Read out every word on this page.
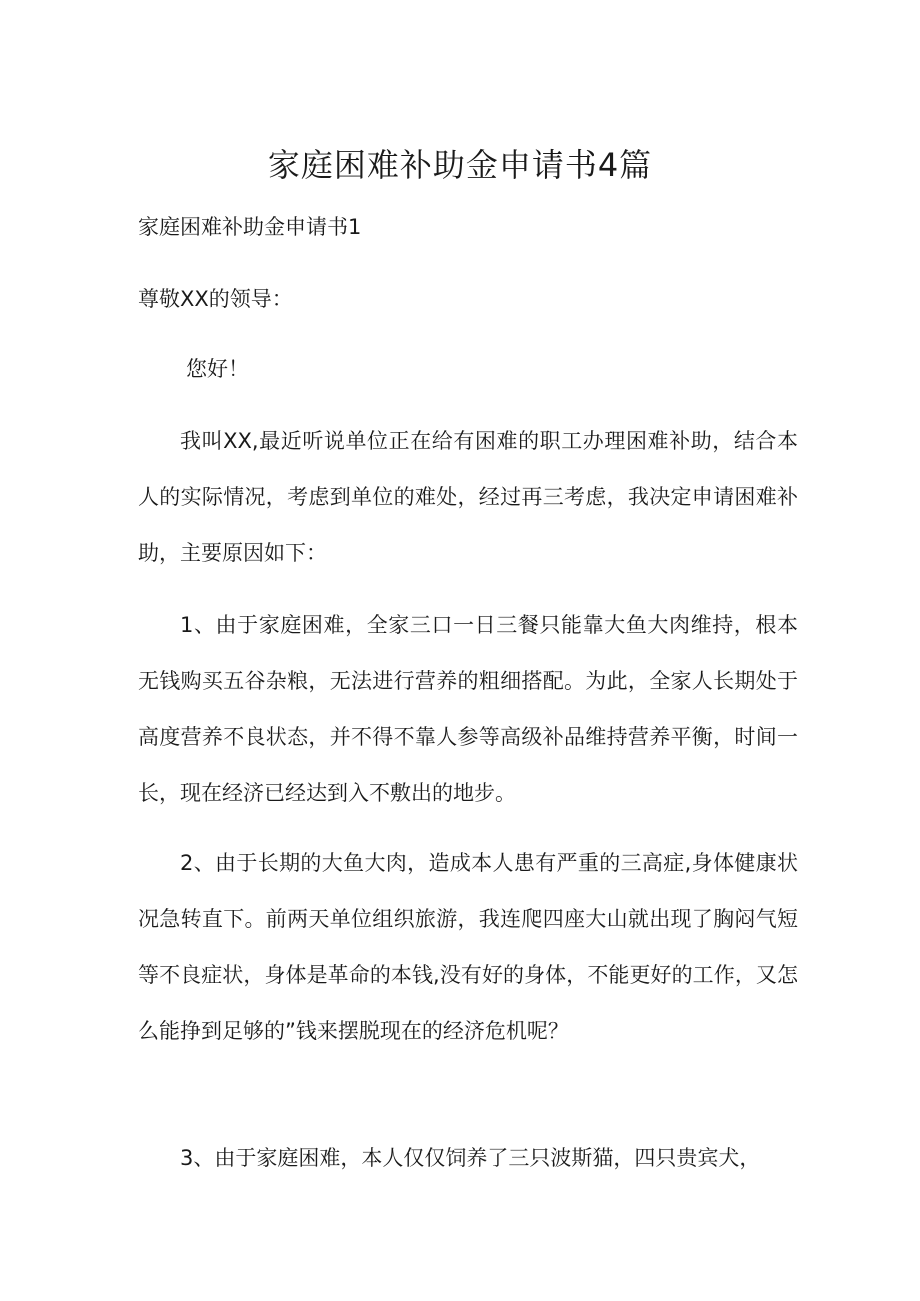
家庭困难补助金申请书4篇

家庭困难补助金申请书1

尊敬XX的领导：

您好！

我叫XX,最近听说单位正在给有困难的职工办理困难补助，结合本人的实际情况，考虑到单位的难处，经过再三考虑，我决定申请困难补助，主要原因如下：

1、由于家庭困难，全家三口一日三餐只能靠大鱼大肉维持，根本无钱购买五谷杂粮，无法进行营养的粗细搭配。为此，全家人长期处于高度营养不良状态，并不得不靠人参等高级补品维持营养平衡，时间一长，现在经济已经达到入不敷出的地步。

2、由于长期的大鱼大肉，造成本人患有严重的三高症,身体健康状况急转直下。前两天单位组织旅游，我连爬四座大山就出现了胸闷气短等不良症状，身体是革命的本钱,没有好的身体，不能更好的工作，又怎么能挣到足够的”钱来摆脱现在的经济危机呢？

3、由于家庭困难，本人仅仅饲养了三只波斯猫，四只贵宾犬，
